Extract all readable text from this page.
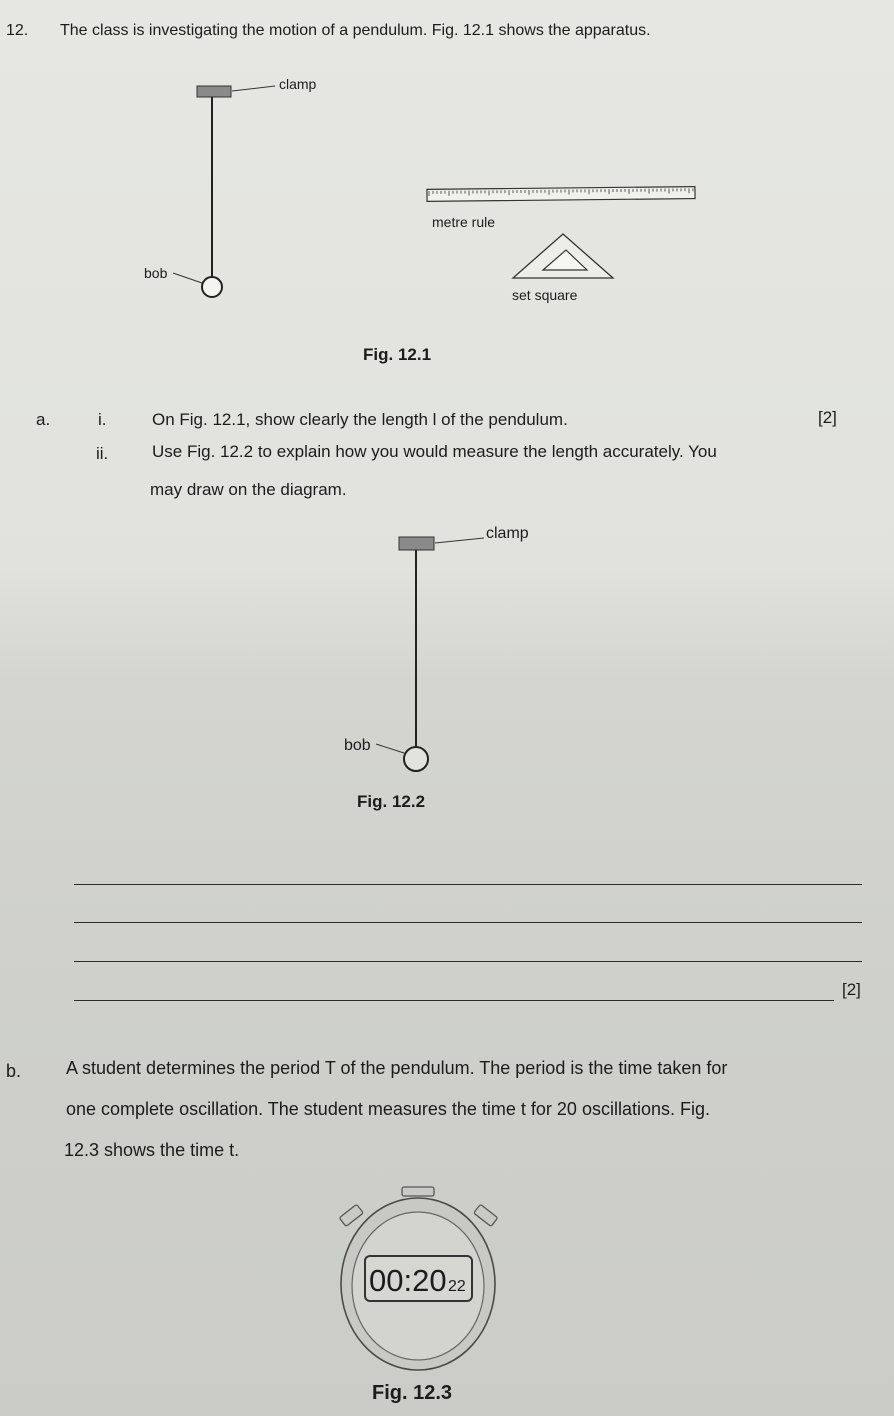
12. The class is investigating the motion of a pendulum. Fig. 12.1 shows the apparatus.
clamp
bob
metre rule
set square
Fig. 12.1
a.	i.	On Fig. 12.1, show clearly the length l of the pendulum.	[2]
ii.	Use Fig. 12.2 to explain how you would measure the length accurately. You
may draw on the diagram.
clamp
bob
Fig. 12.2
[2]
b. A student determines the period T of the pendulum. The period is the time taken for
one complete oscillation. The student measures the time t for 20 oscillations. Fig.
12.3 shows the time t.
00:20 22
Fig. 12.3
